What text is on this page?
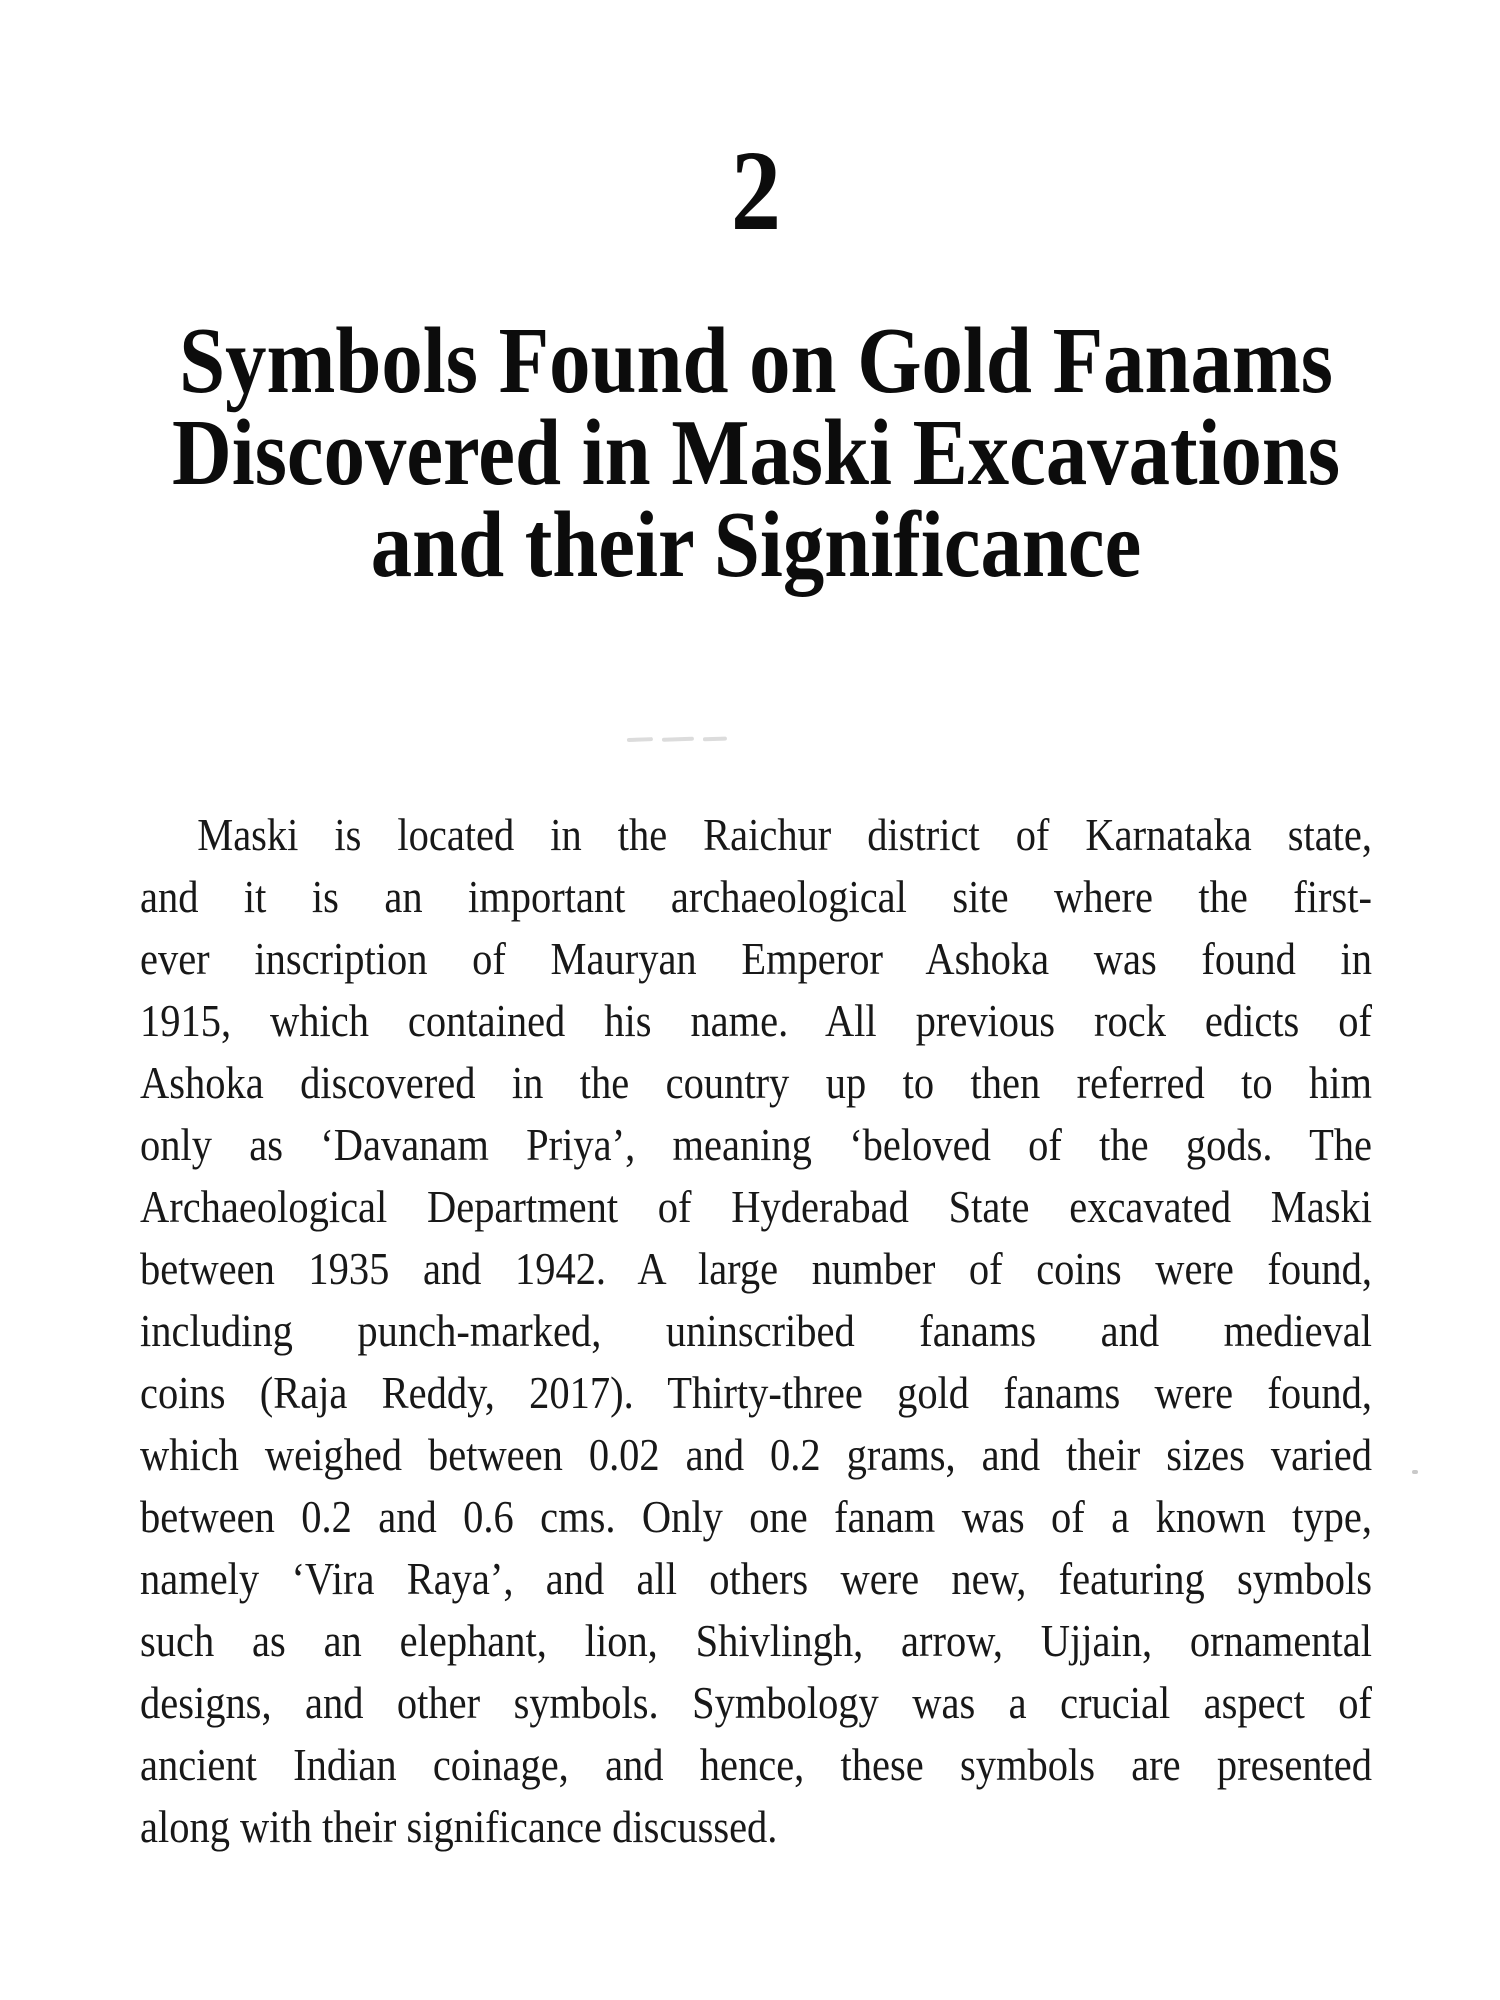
2
Symbols Found on Gold Fanams
Discovered in Maski Excavations
and their Significance
Maski is located in the Raichur district of Karnataka state,
and it is an important archaeological site where the first-
ever inscription of Mauryan Emperor Ashoka was found in
1915, which contained his name. All previous rock edicts of
Ashoka discovered in the country up to then referred to him
only as ‘Davanam Priya’, meaning ‘beloved of the gods. The
Archaeological Department of Hyderabad State excavated Maski
between 1935 and 1942. A large number of coins were found,
including punch-marked, uninscribed fanams and medieval
coins (Raja Reddy, 2017). Thirty-three gold fanams were found,
which weighed between 0.02 and 0.2 grams, and their sizes varied
between 0.2 and 0.6 cms. Only one fanam was of a known type,
namely ‘Vira Raya’, and all others were new, featuring symbols
such as an elephant, lion, Shivlingh, arrow, Ujjain, ornamental
designs, and other symbols. Symbology was a crucial aspect of
ancient Indian coinage, and hence, these symbols are presented
along with their significance discussed.
